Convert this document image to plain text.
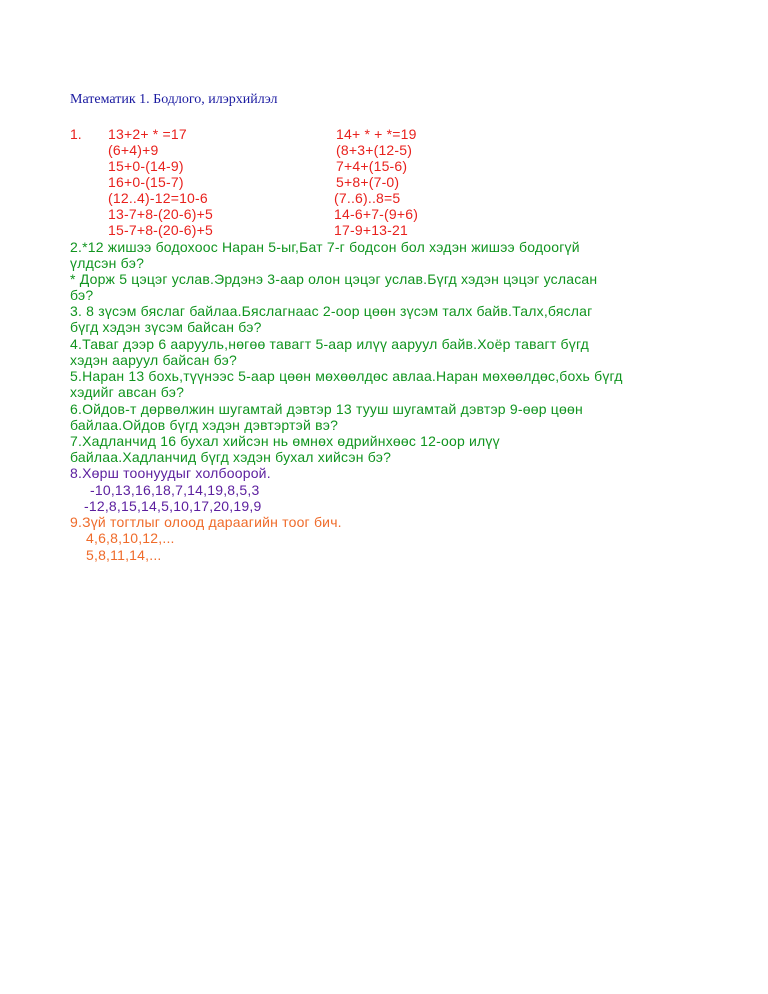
Математик 1. Бодлого, илэрхийлэл
1. 13+2+ * =17
(6+4)+9
15+0-(14-9)
16+0-(15-7)
(12..4)-12=10-6
13-7+8-(20-6)+5
15-7+8-(20-6)+5
14+ * + *=19
(8+3+(12-5)
7+4+(15-6)
5+8+(7-0)
(7..6)..8=5
14-6+7-(9+6)
17-9+13-21
2.*12 жишээ бодохоос Наран 5-ыг,Бат 7-г бодсон бол хэдэн жишээ бодоогүй
үлдсэн бэ?
* Дорж 5 цэцэг услав.Эрдэнэ 3-аар олон цэцэг услав.Бүгд хэдэн цэцэг усласан
бэ?
3. 8 зүсэм бяслаг байлаа.Бяслагнаас 2-оор цөөн зүсэм талх байв.Талх,бяслаг
бүгд хэдэн зүсэм байсан бэ?
4.Таваг дээр 6 аарууль,нөгөө тавагт 5-аар илүү ааруул байв.Хоёр тавагт бүгд
хэдэн ааруул байсан бэ?
5.Наран 13 бохь,түүнээс 5-аар цөөн мөхөөлдөс авлаа.Наран мөхөөлдөс,бохь бүгд
хэдийг авсан бэ?
6.Ойдов-т дөрвөлжин шугамтай дэвтэр 13 тууш шугамтай дэвтэр 9-өөр цөөн
байлаа.Ойдов бүгд хэдэн дэвтэртэй вэ?
7.Хадланчид 16 бухал хийсэн нь өмнөх өдрийнхөөс 12-оор илүү
байлаа.Хадланчид бүгд хэдэн бухал хийсэн бэ?
8.Хөрш тоонуудыг холбоорой.
-10,13,16,18,7,14,19,8,5,3
-12,8,15,14,5,10,17,20,19,9
9.Зүй тогтлыг олоод дараагийн тоог бич.
4,6,8,10,12,...
5,8,11,14,...
